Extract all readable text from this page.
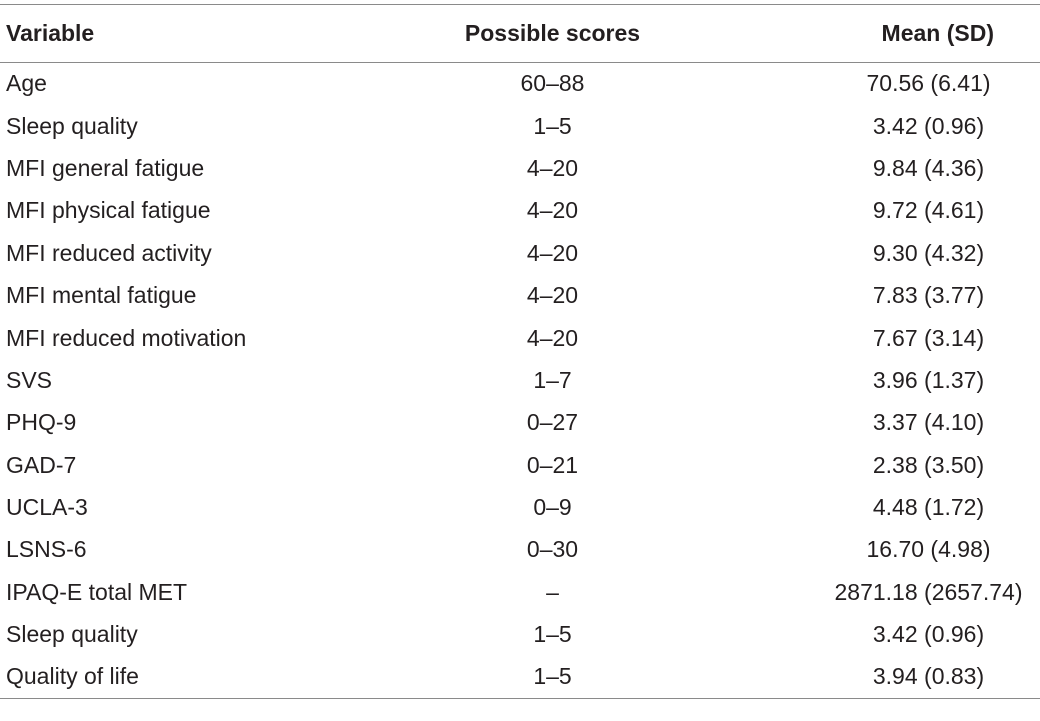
Variable	Possible scores	Mean (SD)
Age	60–88	70.56 (6.41)
Sleep quality	1–5	3.42 (0.96)
MFI general fatigue	4–20	9.84 (4.36)
MFI physical fatigue	4–20	9.72 (4.61)
MFI reduced activity	4–20	9.30 (4.32)
MFI mental fatigue	4–20	7.83 (3.77)
MFI reduced motivation	4–20	7.67 (3.14)
SVS	1–7	3.96 (1.37)
PHQ-9	0–27	3.37 (4.10)
GAD-7	0–21	2.38 (3.50)
UCLA-3	0–9	4.48 (1.72)
LSNS-6	0–30	16.70 (4.98)
IPAQ-E total MET	–	2871.18 (2657.74)
Sleep quality	1–5	3.42 (0.96)
Quality of life	1–5	3.94 (0.83)
